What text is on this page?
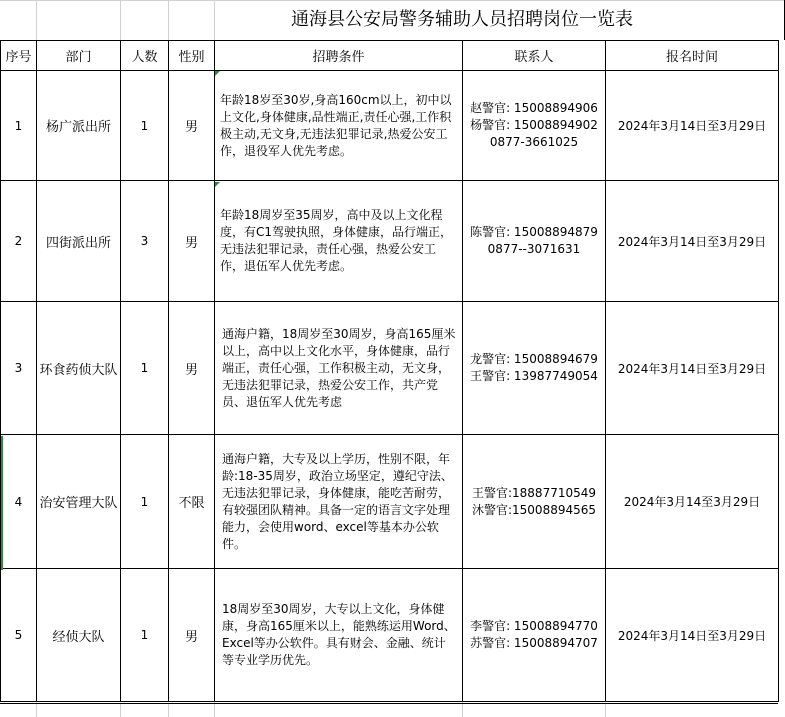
通海县公安局警务辅助人员招聘岗位一览表
序号	部门	人数	性别	招聘条件	联系人	报名时间
1	杨广派出所	1	男	年龄18岁至30岁,身高160cm以上，初中以上文化,身体健康,品性端正,责任心强,工作积极主动,无文身,无违法犯罪记录,热爱公安工作，退役军人优先考虑。	赵警官: 15008894906
杨警官: 15008894902
0877-3661025	2024年3月14日至3月29日
2	四街派出所	3	男	年龄18周岁至35周岁，高中及以上文化程度，有C1驾驶执照，身体健康，品行端正，无违法犯罪记录，责任心强，热爱公安工作，退伍军人优先考虑。	陈警官: 15008894879
0877--3071631	2024年3月14日至3月29日
3	环食药侦大队	1	男	通海户籍，18周岁至30周岁，身高165厘米以上，高中以上文化水平，身体健康，品行端正，责任心强，工作积极主动，无文身，无违法犯罪记录，热爱公安工作，共产党员、退伍军人优先考虑	龙警官: 15008894679
王警官: 13987749054	2024年3月14日至3月29日
4	治安管理大队	1	不限	通海户籍，大专及以上学历，性别不限，年龄:18-35周岁，政治立场坚定，遵纪守法、无违法犯罪记录，身体健康，能吃苦耐劳，有较强团队精神。具备一定的语言文字处理能力，会使用word、excel等基本办公软件。	王警官:18887710549
沐警官:15008894565	2024年3月14至3月29日
5	经侦大队	1	男	18周岁至30周岁，大专以上文化，身体健康，身高165厘米以上，能熟练运用Word、Excel等办公软件。具有财会、金融、统计等专业学历优先。	李警官: 15008894770
苏警官: 15008894707	2024年3月14日至3月29日
